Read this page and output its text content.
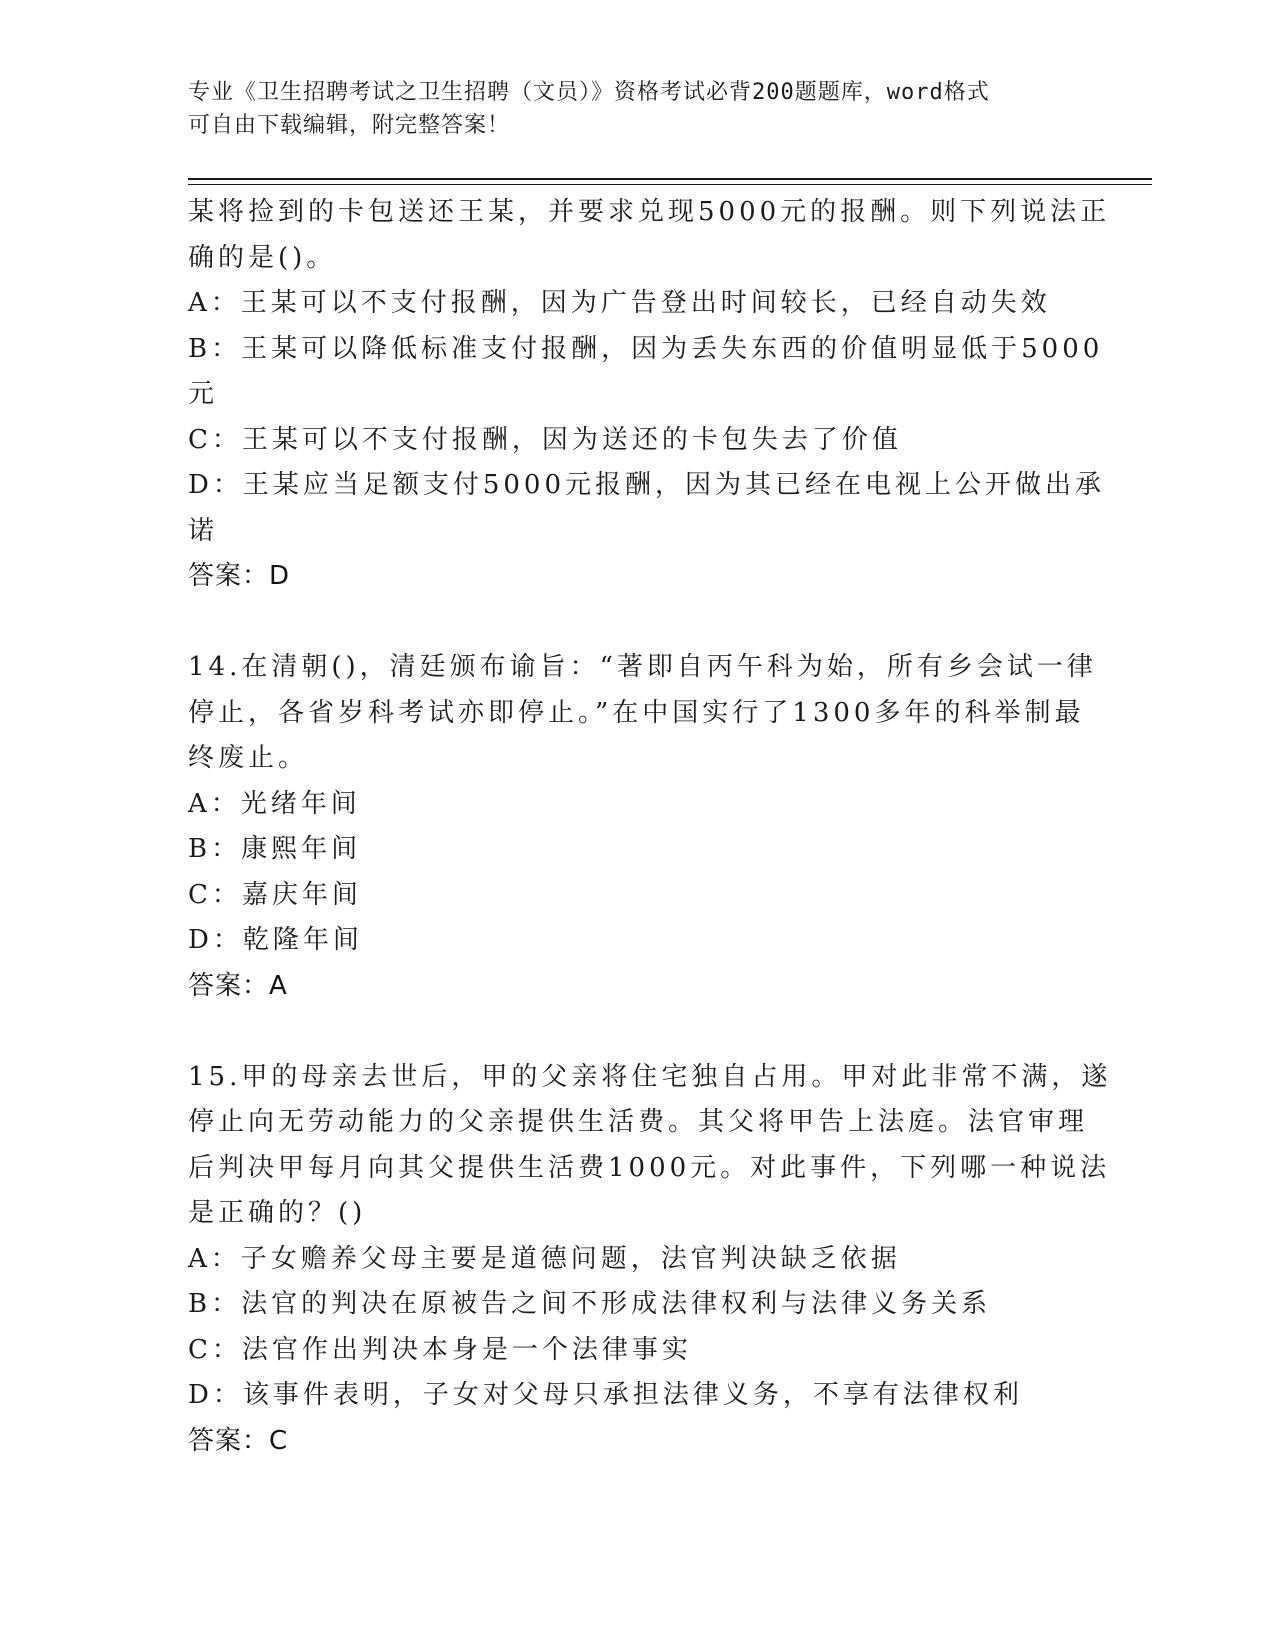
专业《卫生招聘考试之卫生招聘（文员）》资格考试必背200题题库，word格式
可自由下载编辑，附完整答案！
某将捡到的卡包送还王某，并要求兑现5000元的报酬。则下列说法正
确的是()。
A：王某可以不支付报酬，因为广告登出时间较长，已经自动失效
B：王某可以降低标准支付报酬，因为丢失东西的价值明显低于5000
元
C：王某可以不支付报酬，因为送还的卡包失去了价值
D：王某应当足额支付5000元报酬，因为其已经在电视上公开做出承
诺
答案：D
14.在清朝()，清廷颁布谕旨：“著即自丙午科为始，所有乡会试一律
停止，各省岁科考试亦即停止。”在中国实行了1300多年的科举制最
终废止。
A：光绪年间
B：康熙年间
C：嘉庆年间
D：乾隆年间
答案：A
15.甲的母亲去世后，甲的父亲将住宅独自占用。甲对此非常不满，遂
停止向无劳动能力的父亲提供生活费。其父将甲告上法庭。法官审理
后判决甲每月向其父提供生活费1000元。对此事件，下列哪一种说法
是正确的？()
A：子女赡养父母主要是道德问题，法官判决缺乏依据
B：法官的判决在原被告之间不形成法律权利与法律义务关系
C：法官作出判决本身是一个法律事实
D：该事件表明，子女对父母只承担法律义务，不享有法律权利
答案：C
